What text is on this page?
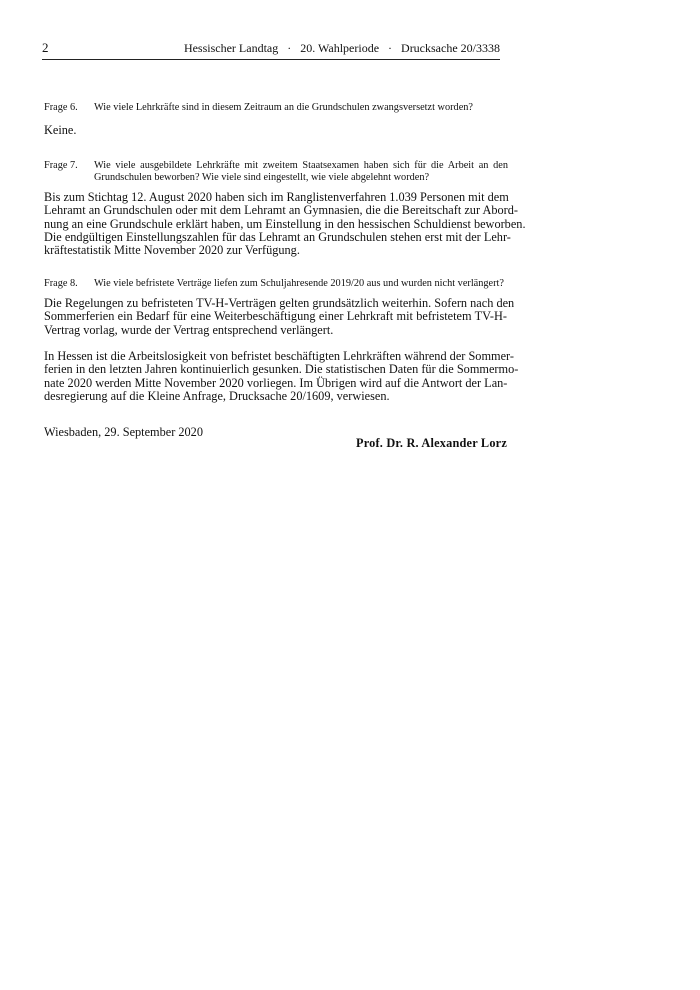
2	Hessischer Landtag   ·   20. Wahlperiode   ·   Drucksache 20/3338
Frage 6. Wie viele Lehrkräfte sind in diesem Zeitraum an die Grundschulen zwangsversetzt worden?
Keine.
Frage 7. Wie viele ausgebildete Lehrkräfte mit zweitem Staatsexamen haben sich für die Arbeit an den Grundschulen beworben? Wie viele sind eingestellt, wie viele abgelehnt worden?
Bis zum Stichtag 12. August 2020 haben sich im Ranglistenverfahren 1.039 Personen mit dem
Lehramt an Grundschulen oder mit dem Lehramt an Gymnasien, die die Bereitschaft zur Abord-
nung an eine Grundschule erklärt haben, um Einstellung in den hessischen Schuldienst beworben.
Die endgültigen Einstellungszahlen für das Lehramt an Grundschulen stehen erst mit der Lehr-
kräftestatistik Mitte November 2020 zur Verfügung.
Frage 8. Wie viele befristete Verträge liefen zum Schuljahresende 2019/20 aus und wurden nicht verlängert?
Die Regelungen zu befristeten TV-H-Verträgen gelten grundsätzlich weiterhin. Sofern nach den
Sommerferien ein Bedarf für eine Weiterbeschäftigung einer Lehrkraft mit befristetem TV-H-
Vertrag vorlag, wurde der Vertrag entsprechend verlängert.
In Hessen ist die Arbeitslosigkeit von befristet beschäftigten Lehrkräften während der Sommer-
ferien in den letzten Jahren kontinuierlich gesunken. Die statistischen Daten für die Sommermo-
nate 2020 werden Mitte November 2020 vorliegen. Im Übrigen wird auf die Antwort der Lan-
desregierung auf die Kleine Anfrage, Drucksache 20/1609, verwiesen.
Wiesbaden, 29. September 2020
Prof. Dr. R. Alexander Lorz
